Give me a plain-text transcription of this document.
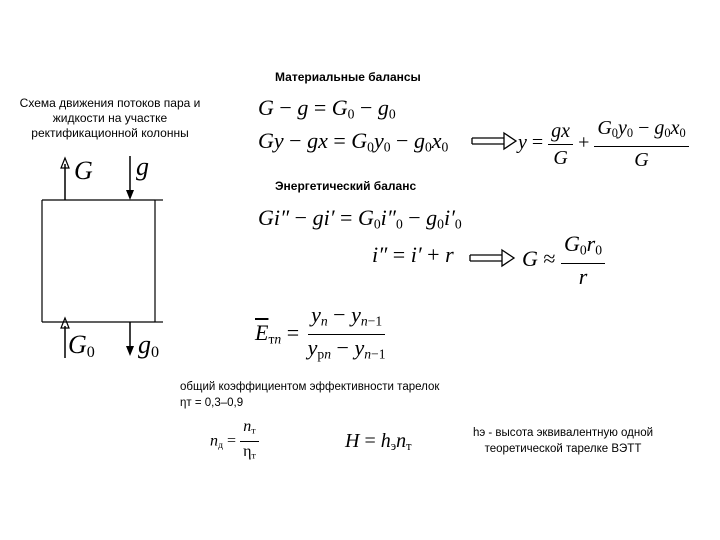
Материальные балансы
Схема движения потоков пара и жидкости на участке ректификационной колонны
G g
$G_0$ $g_0$
$G - g = G_0 - g_0$
Gy − gx = $G_0y_0 - g_0x_0$	$y = \frac{gx}{G} + \frac{G_0y_0 - g_0x_0}{G}$
Энергетический баланс
$Gi'' - gi' = G_0i''_0 - g_0i'_0$
i″ = i′ + r	$G \approx \frac{G_0r_0}{r}$
$\overline{E}_{тn} = \frac{y_n - y_{n-1}}{y_{рn} - y_{n-1}}$
общий коэффициентом эффективности тарелок ηт = 0,3–0,9
$n_д = \frac{n_т}{\eta_т}$	$H = h_эn_т$
hэ - высота эквивалентную одной теоретической тарелке ВЭТТ
